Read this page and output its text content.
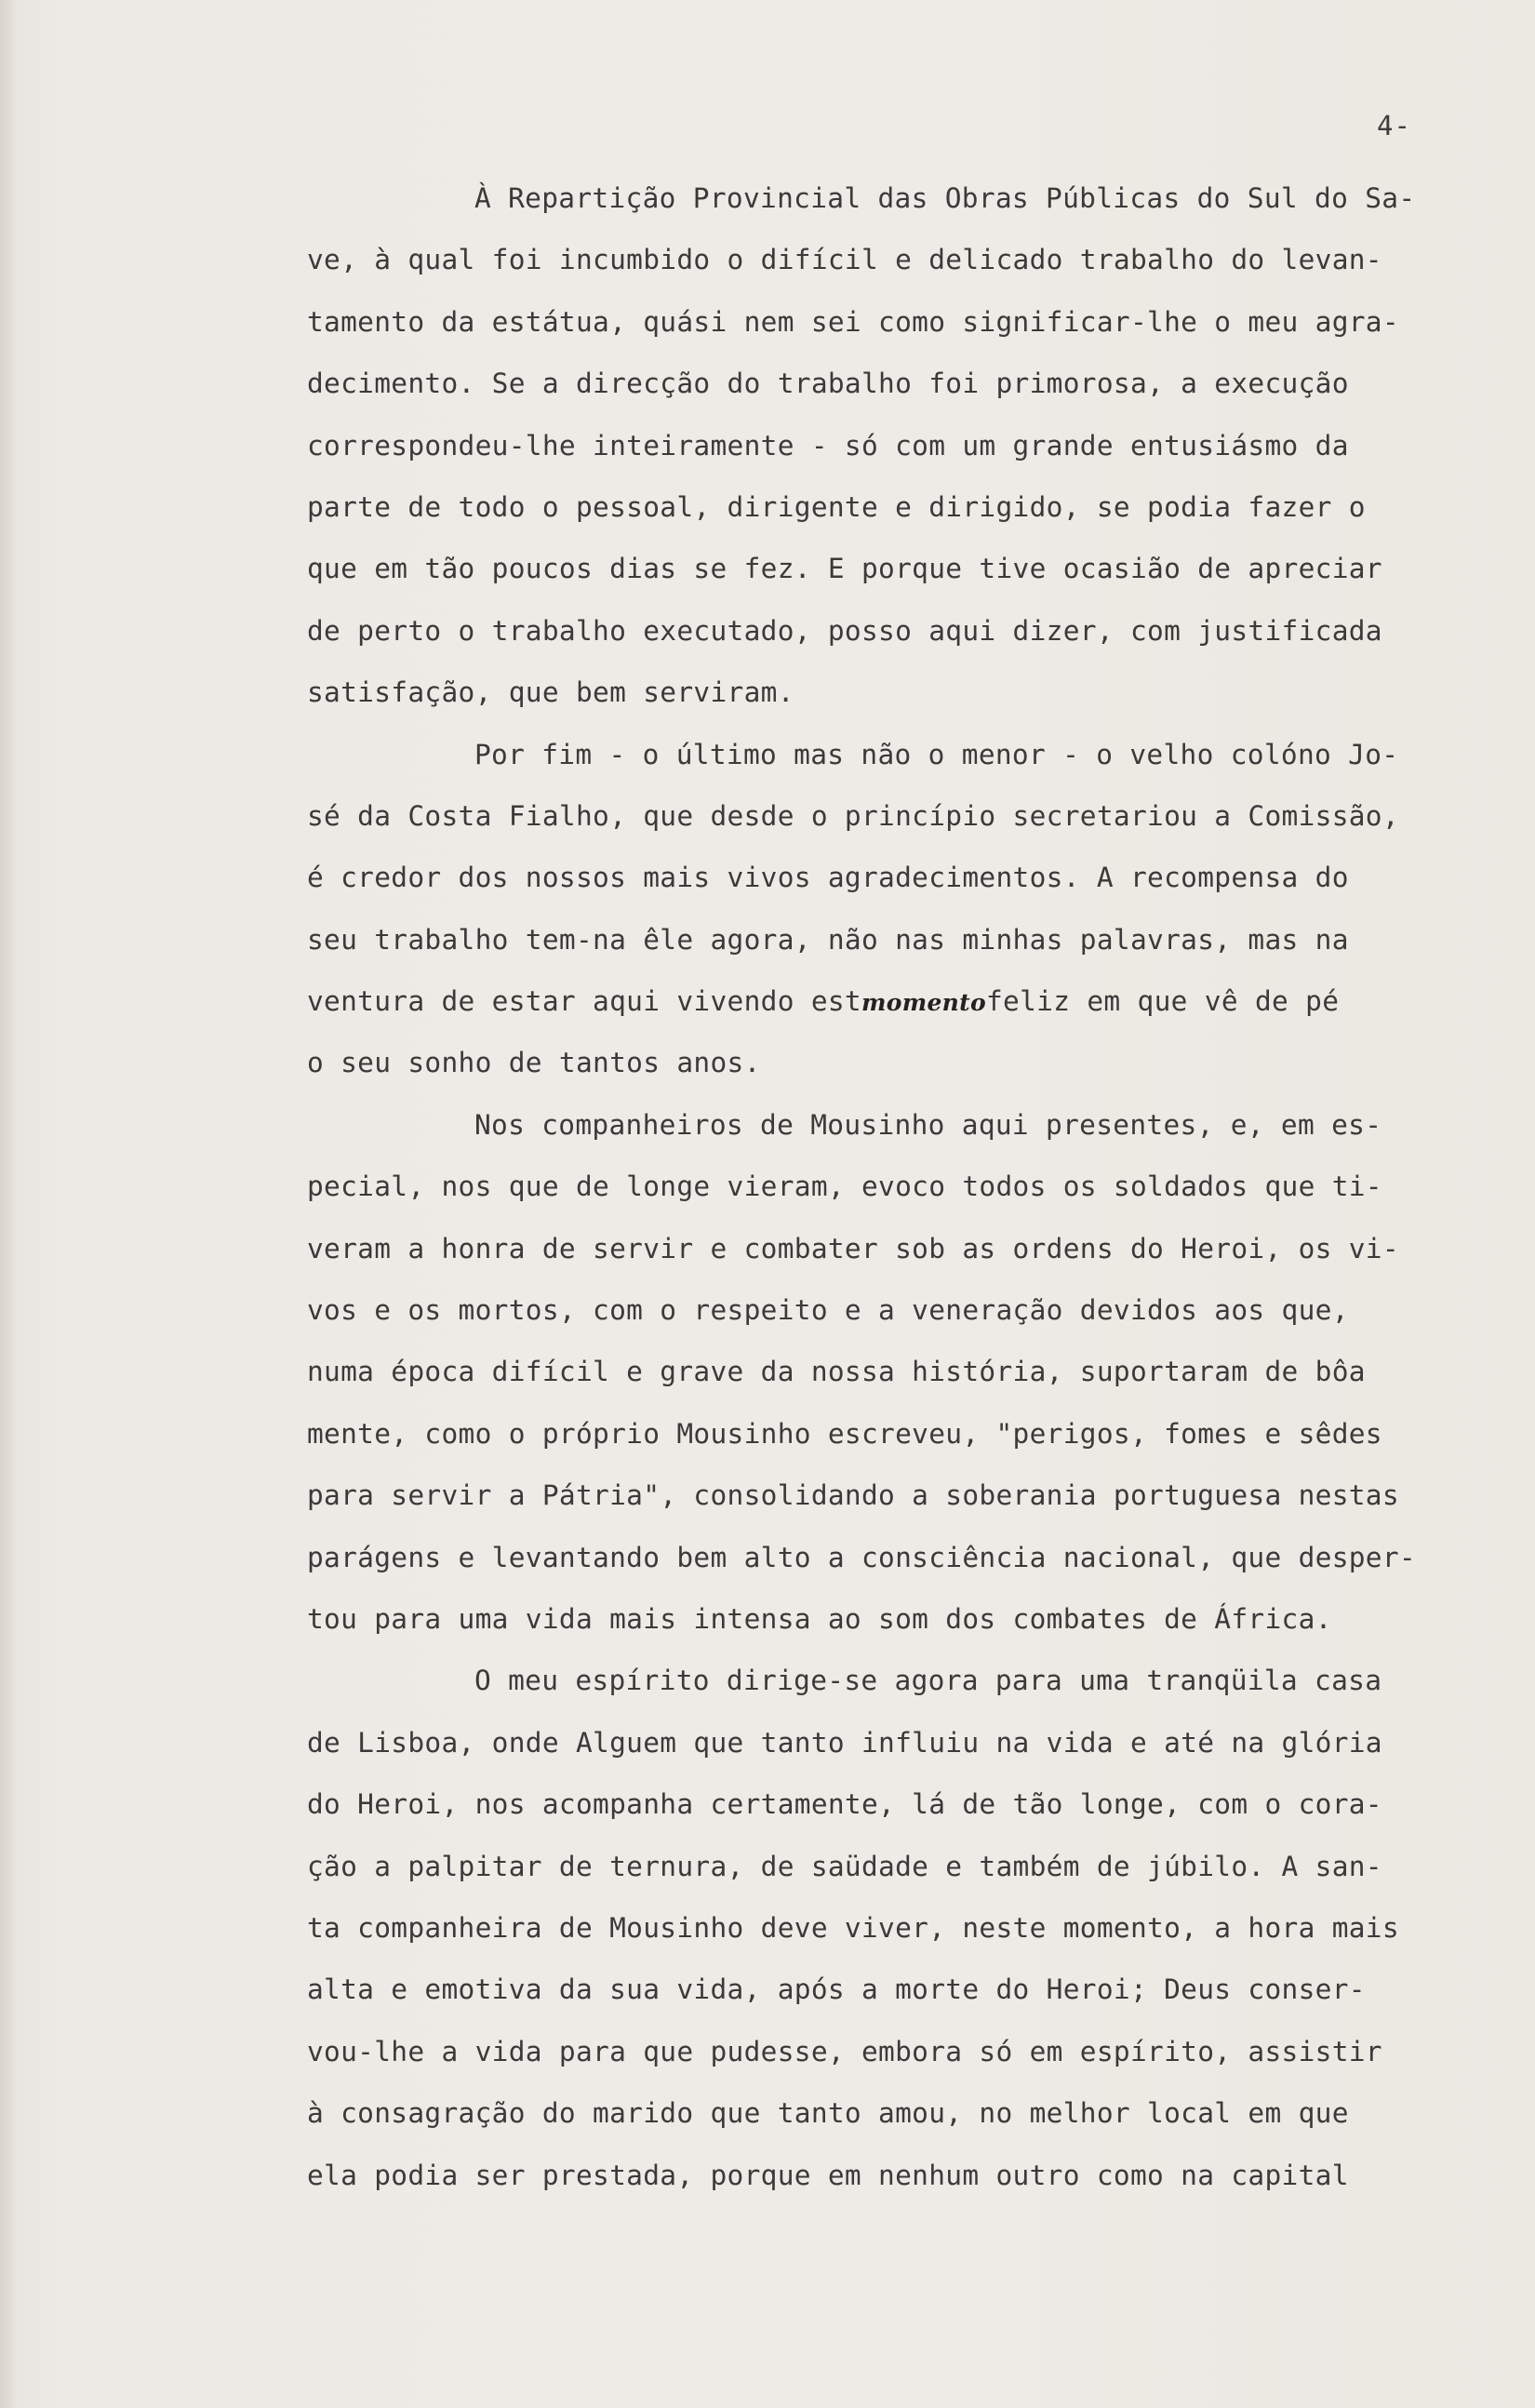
4-
À Repartição Provincial das Obras Públicas do Sul do Sa-
ve, à qual foi incumbido o difícil e delicado trabalho do levan-
tamento da estátua, quási nem sei como significar-lhe o meu agra-
decimento. Se a direcção do trabalho foi primorosa, a execução
correspondeu-lhe inteiramente - só com um grande entusiásmo da
parte de todo o pessoal, dirigente e dirigido, se podia fazer o
que em tão poucos dias se fez. E porque tive ocasião de apreciar
de perto o trabalho executado, posso aqui dizer, com justificada
satisfação, que bem serviram.
Por fim - o último mas não o menor - o velho colóno Jo-
sé da Costa Fialho, que desde o princípio secretariou a Comissão,
é credor dos nossos mais vivos agradecimentos. A recompensa do
seu trabalho tem-na êle agora, não nas minhas palavras, mas na
ventura de estar aqui vivendo estmomentofeliz em que vê de pé
o seu sonho de tantos anos.
Nos companheiros de Mousinho aqui presentes, e, em es-
pecial, nos que de longe vieram, evoco todos os soldados que ti-
veram a honra de servir e combater sob as ordens do Heroi, os vi-
vos e os mortos, com o respeito e a veneração devidos aos que,
numa época difícil e grave da nossa história, suportaram de bôa
mente, como o próprio Mousinho escreveu, "perigos, fomes e sêdes
para servir a Pátria", consolidando a soberania portuguesa nestas
parágens e levantando bem alto a consciência nacional, que desper-
tou para uma vida mais intensa ao som dos combates de África.
O meu espírito dirige-se agora para uma tranqüila casa
de Lisboa, onde Alguem que tanto influiu na vida e até na glória
do Heroi, nos acompanha certamente, lá de tão longe, com o cora-
ção a palpitar de ternura, de saüdade e também de júbilo. A san-
ta companheira de Mousinho deve viver, neste momento, a hora mais
alta e emotiva da sua vida, após a morte do Heroi; Deus conser-
vou-lhe a vida para que pudesse, embora só em espírito, assistir
à consagração do marido que tanto amou, no melhor local em que
ela podia ser prestada, porque em nenhum outro como na capital
